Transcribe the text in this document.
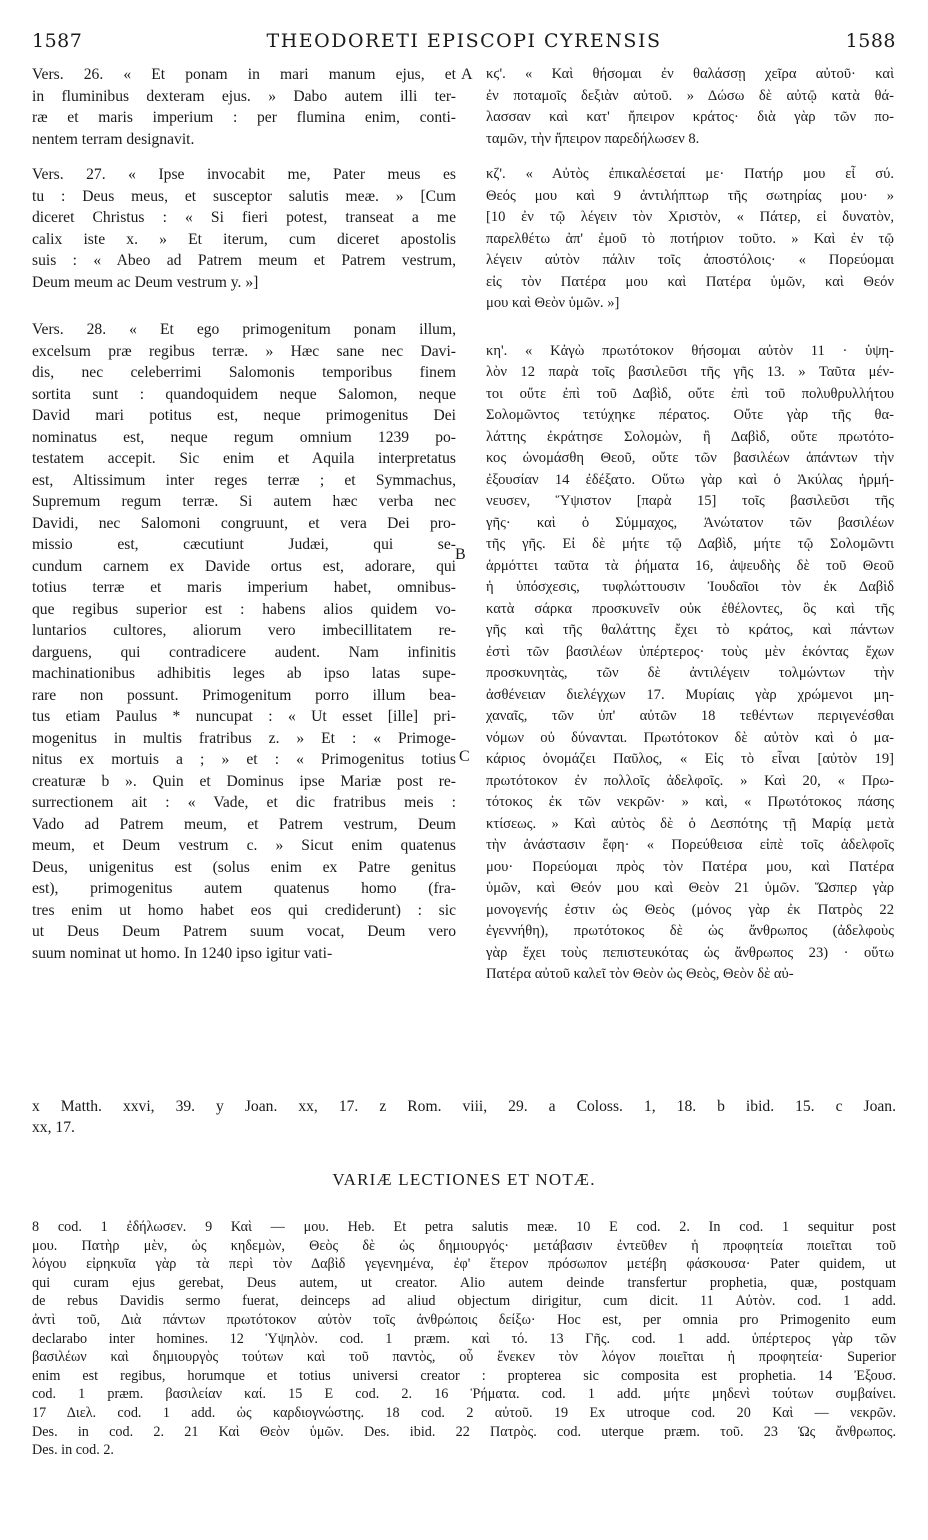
1587	THEODORETI EPISCOPI CYRENSIS	1588
A
B
C
Vers. 26. « Et ponam in mari manum ejus, et
in fluminibus dexteram ejus. » Dabo autem illi ter-
ræ et maris imperium : per flumina enim, conti-
nentem terram designavit.
Vers. 27. « Ipse invocabit me, Pater meus es
tu : Deus meus, et susceptor salutis meæ. » [Cum
diceret Christus : « Si fieri potest, transeat a me
calix iste x. » Et iterum, cum diceret apostolis
suis : « Abeo ad Patrem meum et Patrem vestrum,
Deum meum ac Deum vestrum y. »]
Vers. 28. « Et ego primogenitum ponam illum,
excelsum præ regibus terræ. » Hæc sane nec Davi-
dis, nec celeberrimi Salomonis temporibus finem
sortita sunt : quandoquidem neque Salomon, neque
David mari potitus est, neque primogenitus Dei
nominatus est, neque regum omnium 1239 po-
testatem accepit. Sic enim et Aquila interpretatus
est, Altissimum inter reges terræ ; et Symmachus,
Supremum regum terræ. Si autem hæc verba nec
Davidi, nec Salomoni congruunt, et vera Dei pro-
missio est, cæcutiunt Judæi, qui se-
cundum carnem ex Davide ortus est, adorare, qui
totius terræ et maris imperium habet, omnibus-
que regibus superior est : habens alios quidem vo-
luntarios cultores, aliorum vero imbecillitatem re-
darguens, qui contradicere audent. Nam infinitis
machinationibus adhibitis leges ab ipso latas supe-
rare non possunt. Primogenitum porro illum bea-
tus etiam Paulus * nuncupat : « Ut esset [ille] pri-
mogenitus in multis fratribus z. » Et : « Primoge-
nitus ex mortuis a ; » et : « Primogenitus totius
creaturæ b ». Quin et Dominus ipse Mariæ post re-
surrectionem ait : « Vade, et dic fratribus meis :
Vado ad Patrem meum, et Patrem vestrum, Deum
meum, et Deum vestrum c. » Sicut enim quatenus
Deus, unigenitus est (solus enim ex Patre genitus
est), primogenitus autem quatenus homo (fra-
tres enim ut homo habet eos qui crediderunt) : sic
ut Deus Deum Patrem suum vocat, Deum vero
suum nominat ut homo. In 1240 ipso igitur vati-
κϛ'. « Καὶ θήσομαι ἐν θαλάσσῃ χεῖρα αὐτοῦ· καὶ
ἐν ποταμοῖς δεξιὰν αὐτοῦ. » Δώσω δὲ αὐτῷ κατὰ θά-
λασσαν καὶ κατ' ἤπειρον κράτος· διὰ γὰρ τῶν πο-
ταμῶν, τὴν ἤπειρον παρεδήλωσεν 8.
κζ'. « Αὐτὸς ἐπικαλέσεταί με· Πατήρ μου εἶ σύ.
Θεός μου καὶ 9 ἀντιλήπτωρ τῆς σωτηρίας μου· »
[10 ἐν τῷ λέγειν τὸν Χριστὸν, « Πάτερ, εἰ δυνατὸν,
παρελθέτω ἀπ' ἐμοῦ τὸ ποτήριον τοῦτο. » Καὶ ἐν τῷ
λέγειν αὐτὸν πάλιν τοῖς ἀποστόλοις· « Πορεύομαι
εἰς τὸν Πατέρα μου καὶ Πατέρα ὑμῶν, καὶ Θεόν
μου καὶ Θεὸν ὑμῶν. »]
κη'. « Κἀγὼ πρωτότοκον θήσομαι αὐτὸν 11 · ὑψη-
λὸν 12 παρὰ τοῖς βασιλεῦσι τῆς γῆς 13. » Ταῦτα μέν-
τοι οὔτε ἐπὶ τοῦ Δαβὶδ, οὔτε ἐπὶ τοῦ πολυθρυλλήτου
Σολομῶντος τετύχηκε πέρατος. Οὔτε γὰρ τῆς θα-
λάττης ἐκράτησε Σολομὼν, ἢ Δαβὶδ, οὔτε πρωτότο-
κος ὠνομάσθη Θεοῦ, οὔτε τῶν βασιλέων ἁπάντων τὴν
ἐξουσίαν 14 ἐδέξατο. Οὕτω γὰρ καὶ ὁ Ἀκύλας ἡρμή-
νευσεν, Ὕψιστον [παρὰ 15] τοῖς βασιλεῦσι τῆς
γῆς· καὶ ὁ Σύμμαχος, Ἀνώτατον τῶν βασιλέων
τῆς γῆς. Εἰ δὲ μήτε τῷ Δαβὶδ, μήτε τῷ Σολομῶντι
ἁρμόττει ταῦτα τὰ ῥήματα 16, ἀψευδὴς δὲ τοῦ Θεοῦ
ἡ ὑπόσχεσις, τυφλώττουσιν Ἰουδαῖοι τὸν ἐκ Δαβὶδ
κατὰ σάρκα προσκυνεῖν οὐκ ἐθέλοντες, ὃς καὶ τῆς
γῆς καὶ τῆς θαλάττης ἔχει τὸ κράτος, καὶ πάντων
ἐστὶ τῶν βασιλέων ὑπέρτερος· τοὺς μὲν ἑκόντας ἔχων
προσκυνητὰς, τῶν δὲ ἀντιλέγειν τολμώντων τὴν
ἀσθένειαν διελέγχων 17. Μυρίαις γὰρ χρώμενοι μη-
χαναῖς, τῶν ὑπ' αὐτῶν 18 τεθέντων περιγενέσθαι
νόμων οὐ δύνανται. Πρωτότοκον δὲ αὐτὸν καὶ ὁ μα-
κάριος ὀνομάζει Παῦλος, « Εἰς τὸ εἶναι [αὐτὸν 19]
πρωτότοκον ἐν πολλοῖς ἀδελφοῖς. » Καὶ 20, « Πρω-
τότοκος ἐκ τῶν νεκρῶν· » καὶ, « Πρωτότοκος πάσης
κτίσεως. » Καὶ αὐτὸς δὲ ὁ Δεσπότης τῇ Μαρίᾳ μετὰ
τὴν ἀνάστασιν ἔφη· « Πορεύθεισα εἰπὲ τοῖς ἀδελφοῖς
μου· Πορεύομαι πρὸς τὸν Πατέρα μου, καὶ Πατέρα
ὑμῶν, καὶ Θεόν μου καὶ Θεὸν 21 ὑμῶν. Ὥσπερ γὰρ
μονογενής ἐστιν ὡς Θεὸς (μόνος γὰρ ἐκ Πατρὸς 22
ἐγεννήθη), πρωτότοκος δὲ ὡς ἄνθρωπος (ἀδελφοὺς
γὰρ ἔχει τοὺς πεπιστευκότας ὡς ἄνθρωπος 23) · οὕτω
Πατέρα αὐτοῦ καλεῖ τὸν Θεὸν ὡς Θεὸς, Θεὸν δὲ αὐ-
x Matth. xxvi, 39. y Joan. xx, 17. z Rom. viii, 29. a Coloss. 1, 18. b ibid. 15. c Joan.
xx, 17.
VARIÆ LECTIONES ET NOTÆ.
8 cod. 1 ἐδήλωσεν. 9 Καὶ — μου. Heb. Et petra salutis meæ. 10 E cod. 2. In cod. 1 sequitur post
μου. Πατὴρ μὲν, ὡς κηδεμὼν, Θεὸς δὲ ὡς δημιουργός· μετάβασιν ἐντεῦθεν ἡ προφητεία ποιεῖται τοῦ
λόγου εἰρηκυῖα γὰρ τὰ περὶ τὸν Δαβὶδ γεγενημένα, ἐφ' ἕτερον πρόσωπον μετέβη φάσκουσα· Pater quidem, ut
qui curam ejus gerebat, Deus autem, ut creator. Alio autem deinde transfertur prophetia, quæ, postquam
de rebus Davidis sermo fuerat, deinceps ad aliud objectum dirigitur, cum dicit. 11 Αὐτὸν. cod. 1 add.
ἀντὶ τοῦ, Διὰ πάντων πρωτότοκον αὐτὸν τοῖς ἀνθρώποις δείξω· Hoc est, per omnia pro Primogenito eum
declarabo inter homines. 12 Ὑψηλὸν. cod. 1 præm. καὶ τό. 13 Γῆς. cod. 1 add. ὑπέρτερος γὰρ τῶν
βασιλέων καὶ δημιουργὸς τούτων καὶ τοῦ παντὸς, οὗ ἕνεκεν τὸν λόγον ποιεῖται ἡ προφητεία· Superior
enim est regibus, horumque et totius universi creator : propterea sic composita est prophetia. 14 Ἐξουσ.
cod. 1 præm. βασιλείαν καί. 15 E cod. 2. 16 Ῥήματα. cod. 1 add. μήτε μηδενὶ τούτων συμβαίνει.
17 Διελ. cod. 1 add. ὡς καρδιογνώστης. 18 cod. 2 αὐτοῦ. 19 Ex utroque cod. 20 Καὶ — νεκρῶν.
Des. in cod. 2. 21 Καὶ Θεὸν ὑμῶν. Des. ibid. 22 Πατρὸς. cod. uterque præm. τοῦ. 23 Ὡς ἄνθρωπος.
Des. in cod. 2.
